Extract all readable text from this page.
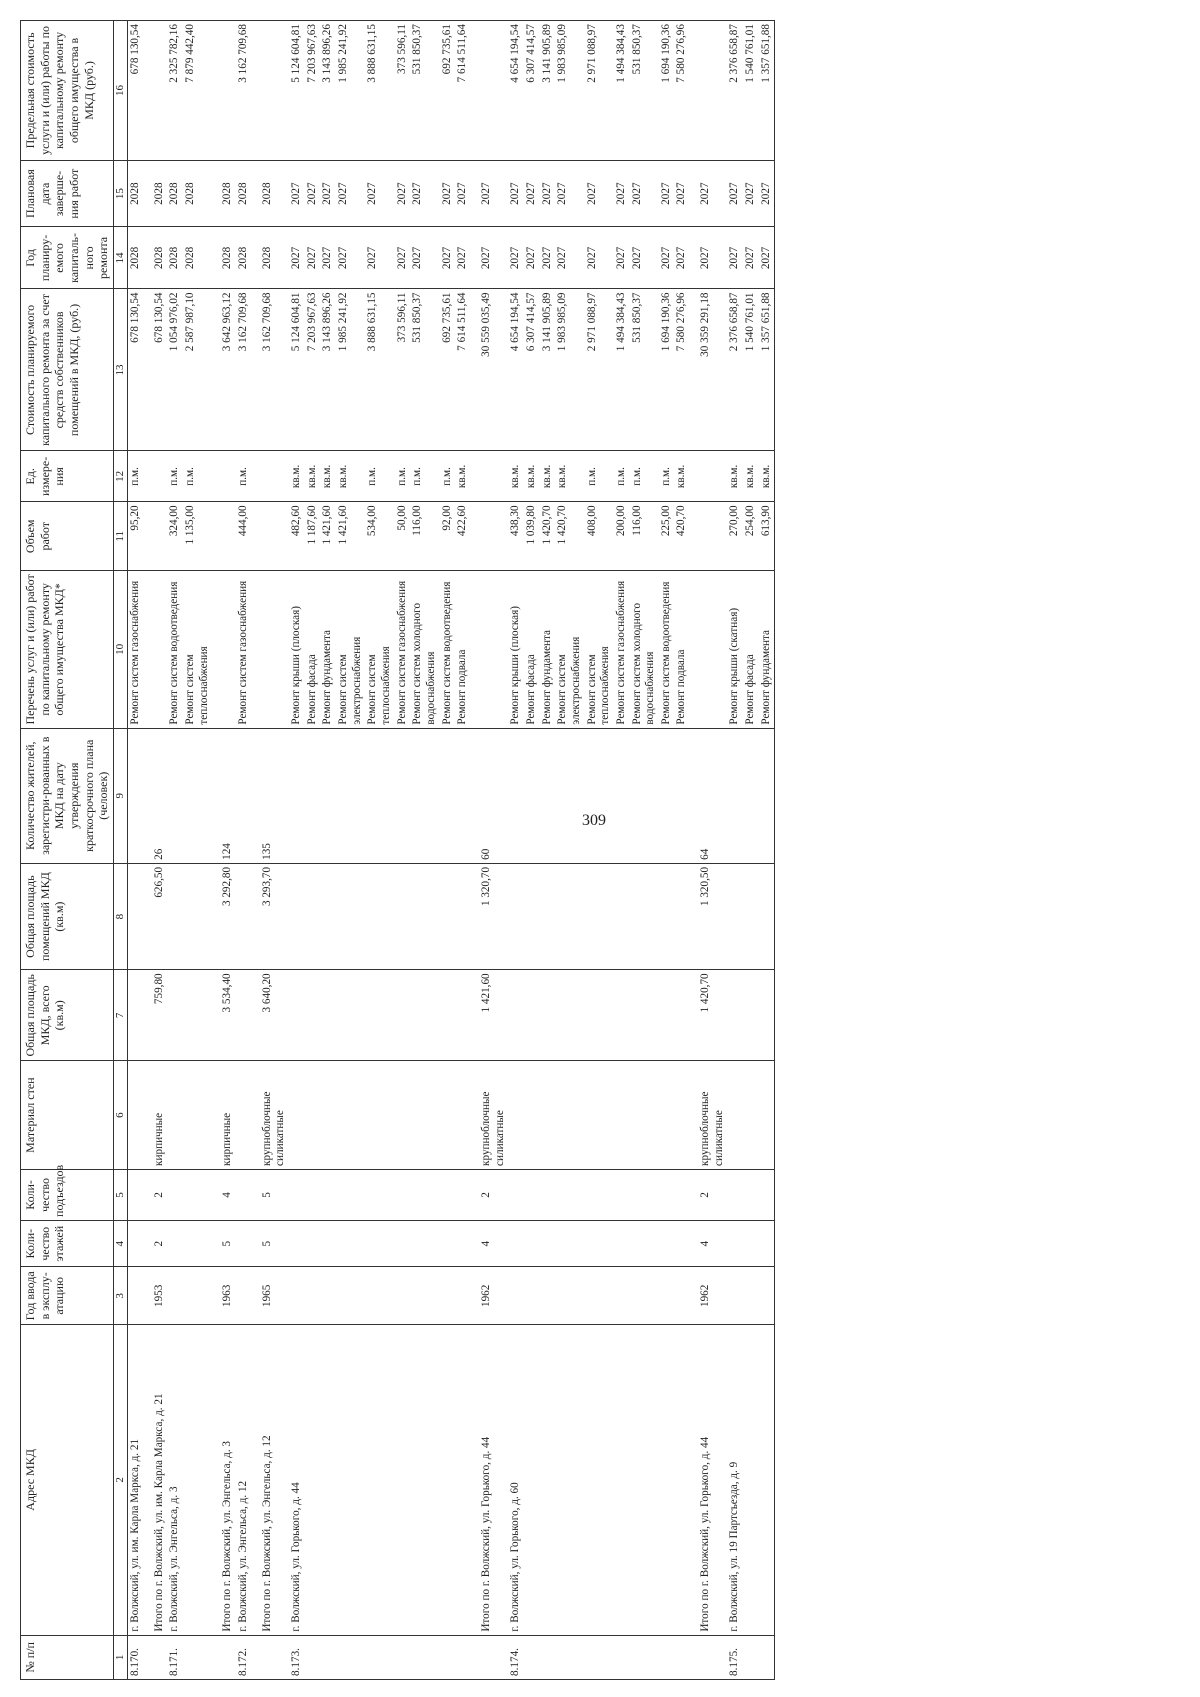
309
№ п/п	Адрес МКД	Год ввода в эксплу-атацию	Коли-чество этажей	Коли-чество подъездов	Материал стен	Общая площадь МКД, всего (кв.м)	Общая площадь помещений МКД (кв.м)	Количество жителей, зарегистри-рованных в МКД на дату утверждения краткосрочного плана (человек)	Перечень услуг и (или) работ по капитальному ремонту общего имущества МКД*	Объем работ	Ед. измере-ния	Стоимость планируемого капитального ремонта за счет средств собственников помещений в МКД, (руб.)	Год планиру-емого капиталь-ного ремонта	Плановая дата заверше-ния работ	Предельная стоимость услуги и (или) работы по капитальному ремонту общего имущества в МКД (руб.)
1	2	3	4	5	6	7	8	9	10	11	12	13	14	15	16
8.170.	г. Волжский, ул. им. Карла Маркса, д. 21								Ремонт систем газоснабжения	95,20	п.м.	678 130,54	2028	2028	678 130,54
	Итого по г. Волжский, ул. им. Карла Маркса, д. 21	1953	2	2	кирпичные	759,80	626,50	26				678 130,54	2028	2028	
8.171.	г. Волжский, ул. Энгельса, д. 3								Ремонт систем водоотведения	324,00	п.м.	1 054 976,02	2028	2028	2 325 782,16
									Ремонт систем теплоснабжения	1 135,00	п.м.	2 587 987,10	2028	2028	7 879 442,40
	Итого по г. Волжский, ул. Энгельса, д. 3	1963	5	4	кирпичные	3 534,40	3 292,80	124				3 642 963,12	2028	2028	
8.172.	г. Волжский, ул. Энгельса, д. 12								Ремонт систем газоснабжения	444,00	п.м.	3 162 709,68	2028	2028	3 162 709,68
	Итого по г. Волжский, ул. Энгельса, д. 12	1965	5	5	крупноблочные силикатные	3 640,20	3 293,70	135				3 162 709,68	2028	2028	
8.173.	г. Волжский, ул. Горького, д. 44								Ремонт крыши (плоская)	482,60	кв.м.	5 124 604,81	2027	2027	5 124 604,81
									Ремонт фасада	1 187,60	кв.м.	7 203 967,63	2027	2027	7 203 967,63
									Ремонт фундамента	1 421,60	кв.м.	3 143 896,26	2027	2027	3 143 896,26
									Ремонт систем электроснабжения	1 421,60	кв.м.	1 985 241,92	2027	2027	1 985 241,92
									Ремонт систем теплоснабжения	534,00	п.м.	3 888 631,15	2027	2027	3 888 631,15
									Ремонт систем газоснабжения	50,00	п.м.	373 596,11	2027	2027	373 596,11
									Ремонт систем холодного водоснабжения	116,00	п.м.	531 850,37	2027	2027	531 850,37
									Ремонт систем водоотведения	92,00	п.м.	692 735,61	2027	2027	692 735,61
									Ремонт подвала	422,60	кв.м.	7 614 511,64	2027	2027	7 614 511,64
	Итого по г. Волжский, ул. Горького, д. 44	1962	4	2	крупноблочные силикатные	1 421,60	1 320,70	60				30 559 035,49	2027	2027	
8.174.	г. Волжский, ул. Горького, д. 60								Ремонт крыши (плоская)	438,30	кв.м.	4 654 194,54	2027	2027	4 654 194,54
									Ремонт фасада	1 039,80	кв.м.	6 307 414,57	2027	2027	6 307 414,57
									Ремонт фундамента	1 420,70	кв.м.	3 141 905,89	2027	2027	3 141 905,89
									Ремонт систем электроснабжения	1 420,70	кв.м.	1 983 985,09	2027	2027	1 983 985,09
									Ремонт систем теплоснабжения	408,00	п.м.	2 971 088,97	2027	2027	2 971 088,97
									Ремонт систем газоснабжения	200,00	п.м.	1 494 384,43	2027	2027	1 494 384,43
									Ремонт систем холодного водоснабжения	116,00	п.м.	531 850,37	2027	2027	531 850,37
									Ремонт систем водоотведения	225,00	п.м.	1 694 190,36	2027	2027	1 694 190,36
									Ремонт подвала	420,70	кв.м.	7 580 276,96	2027	2027	7 580 276,96
	Итого по г. Волжский, ул. Горького, д. 44	1962	4	2	крупноблочные силикатные	1 420,70	1 320,50	64				30 359 291,18	2027	2027	
8.175.	г. Волжский, ул. 19 Партсъезда, д. 9								Ремонт крыши (скатная)	270,00	кв.м.	2 376 658,87	2027	2027	2 376 658,87
									Ремонт фасада	254,00	кв.м.	1 540 761,01	2027	2027	1 540 761,01
									Ремонт фундамента	613,90	кв.м.	1 357 651,88	2027	2027	1 357 651,88
